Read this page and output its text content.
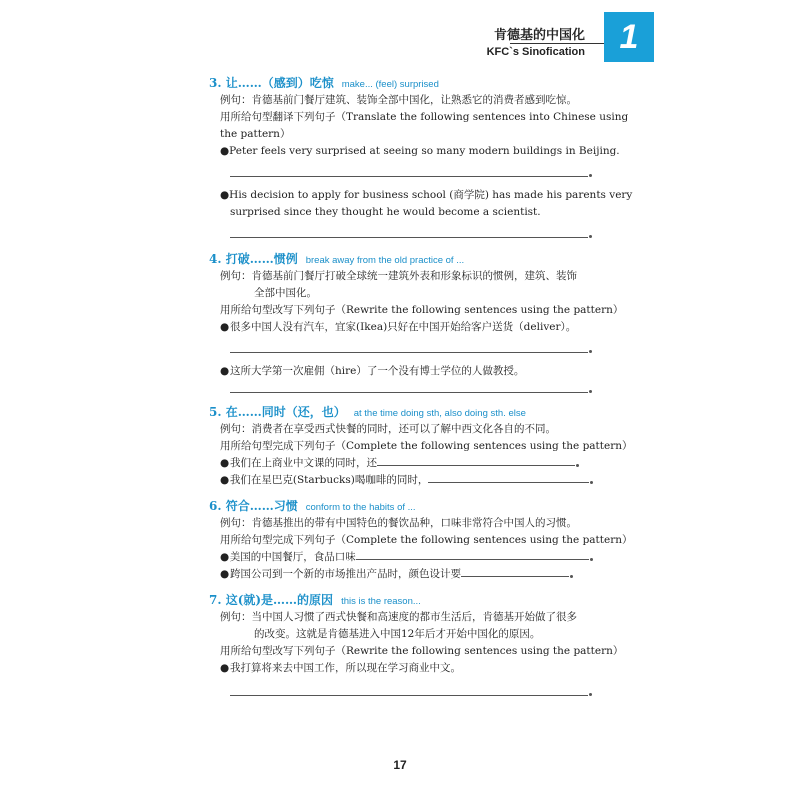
肯德基的中国化
KFC`s Sinofication	1
3. 让……（感到）吃惊 make... (feel) surprised
例句：肯德基前门餐厅建筑、装饰全部中国化，让熟悉它的消费者感到吃惊。
用所给句型翻译下列句子（Translate the following sentences into Chinese using
the pattern）
● Peter feels very surprised at seeing so many modern buildings in Beijing.
● His decision to apply for business school (商学院) has made his parents very
surprised since they thought he would become a scientist.
4. 打破……惯例 break away from the old practice of ...
例句：肯德基前门餐厅打破全球统一建筑外表和形象标识的惯例，建筑、装饰
全部中国化。
用所给句型改写下列句子（Rewrite the following sentences using the pattern）
● 很多中国人没有汽车，宜家(Ikea)只好在中国开始给客户送货（deliver）。
● 这所大学第一次雇佣（hire）了一个没有博士学位的人做教授。
5. 在……同时（还，也） at the time doing sth, also doing sth. else
例句：消费者在享受西式快餐的同时，还可以了解中西文化各自的不同。
用所给句型完成下列句子（Complete the following sentences using the pattern）
● 我们在上商业中文课的同时，还
● 我们在星巴克(Starbucks)喝咖啡的同时，
6. 符合……习惯 conform to the habits of ...
例句：肯德基推出的带有中国特色的餐饮品种，口味非常符合中国人的习惯。
用所给句型完成下列句子（Complete the following sentences using the pattern）
● 美国的中国餐厅，食品口味
● 跨国公司到一个新的市场推出产品时，颜色设计要
7. 这(就)是……的原因 this is the reason...
例句：当中国人习惯了西式快餐和高速度的都市生活后，肯德基开始做了很多
的改变。这就是肯德基进入中国12年后才开始中国化的原因。
用所给句型改写下列句子（Rewrite the following sentences using the pattern）
● 我打算将来去中国工作，所以现在学习商业中文。
17
